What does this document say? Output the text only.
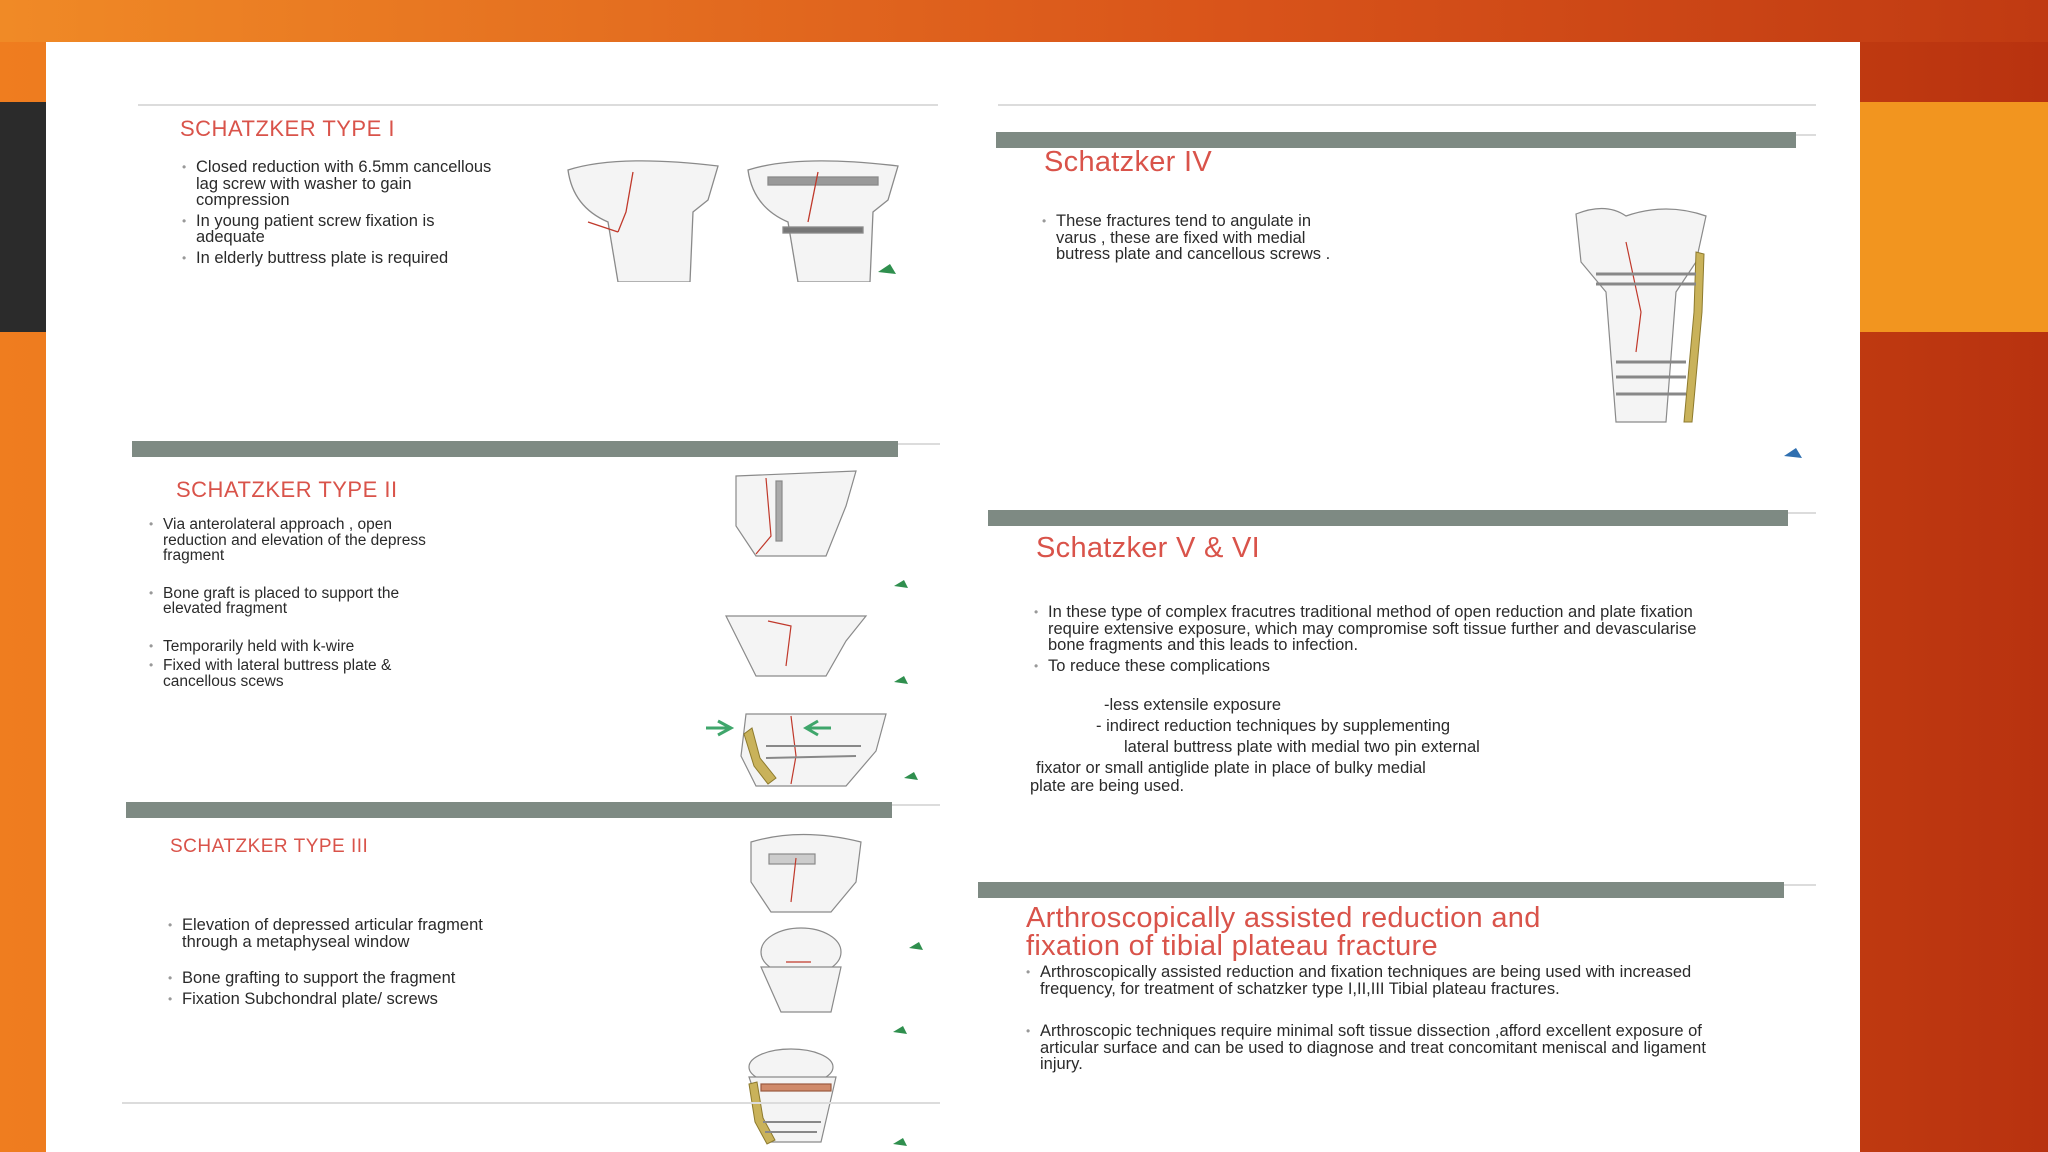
SCHATZKER TYPE I
• Closed reduction with 6.5mm cancellous lag screw with washer to gain compression
• In young patient screw fixation is adequate
• In elderly buttress plate is required
SCHATZKER TYPE II
• Via anterolateral approach , open reduction and elevation of the depress fragment
• Bone graft is placed to support the elevated fragment
• Temporarily held with k-wire
• Fixed with lateral buttress plate & cancellous scews
SCHATZKER TYPE III
• Elevation of depressed articular fragment through a metaphyseal window
• Bone grafting to support the fragment
• Fixation Subchondral plate/ screws
Schatzker IV
• These fractures tend to angulate in varus , these are fixed with medial butress plate and cancellous screws .
Schatzker V & VI
• In these type of complex fracutres traditional method of open reduction and plate fixation require extensive exposure, which may compromise soft tissue further and devascularise bone fragments and this leads to infection.
• To reduce these complications
-less extensile exposure
- indirect reduction techniques by supplementing
lateral buttress plate with medial two pin external
fixator or small antiglide plate in place of bulky medial
plate are being used.
Arthroscopically assisted reduction and
fixation of tibial plateau fracture
• Arthroscopically assisted reduction and fixation techniques are being used with increased frequency, for treatment of schatzker type I,II,III Tibial plateau fractures.
• Arthroscopic techniques require minimal soft tissue dissection ,afford excellent exposure of articular surface and can be used to diagnose and treat concomitant meniscal and ligament injury.
